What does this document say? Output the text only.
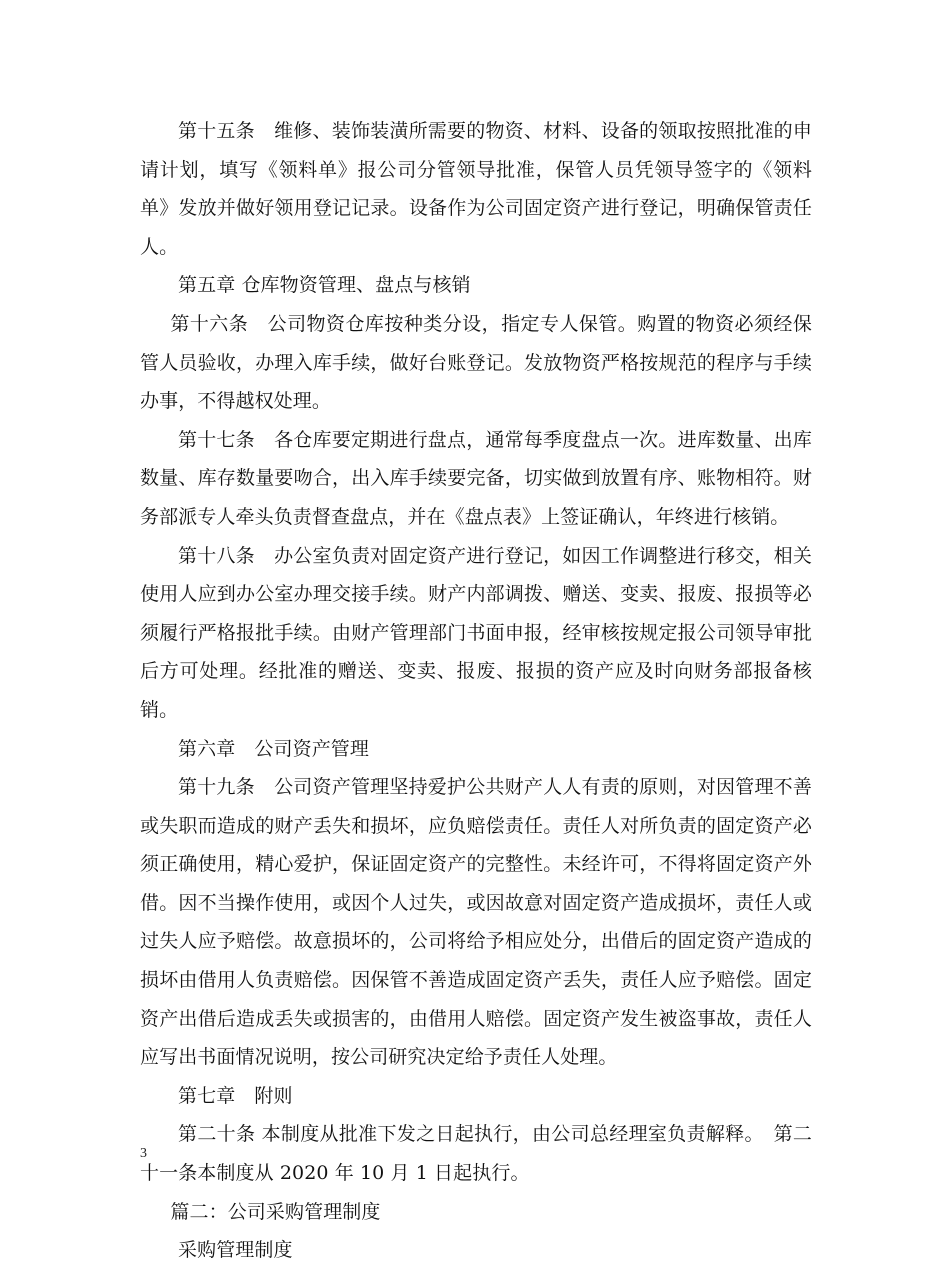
第十五条　维修、装饰装潢所需要的物资、材料、设备的领取按照批准的申请计划，填写《领料单》报公司分管领导批准，保管人员凭领导签字的《领料单》发放并做好领用登记记录。设备作为公司固定资产进行登记，明确保管责任人。

第五章 仓库物资管理、盘点与核销

第十六条　公司物资仓库按种类分设，指定专人保管。购置的物资必须经保管人员验收，办理入库手续，做好台账登记。发放物资严格按规范的程序与手续办事，不得越权处理。

第十七条　各仓库要定期进行盘点，通常每季度盘点一次。进库数量、出库数量、库存数量要吻合，出入库手续要完备，切实做到放置有序、账物相符。财务部派专人牵头负责督查盘点，并在《盘点表》上签证确认，年终进行核销。

第十八条　办公室负责对固定资产进行登记，如因工作调整进行移交，相关使用人应到办公室办理交接手续。财产内部调拨、赠送、变卖、报废、报损等必须履行严格报批手续。由财产管理部门书面申报，经审核按规定报公司领导审批后方可处理。经批准的赠送、变卖、报废、报损的资产应及时向财务部报备核销。

第六章　公司资产管理

第十九条　公司资产管理坚持爱护公共财产人人有责的原则，对因管理不善或失职而造成的财产丢失和损坏，应负赔偿责任。责任人对所负责的固定资产必须正确使用，精心爱护，保证固定资产的完整性。未经许可，不得将固定资产外借。因不当操作使用，或因个人过失，或因故意对固定资产造成损坏，责任人或过失人应予赔偿。故意损坏的，公司将给予相应处分，出借后的固定资产造成的损坏由借用人负责赔偿。因保管不善造成固定资产丢失，责任人应予赔偿。固定资产出借后造成丢失或损害的，由借用人赔偿。固定资产发生被盗事故，责任人应写出书面情况说明，按公司研究决定给予责任人处理。

第七章　附则

第二十条 本制度从批准下发之日起执行，由公司总经理室负责解释。　第二十一条本制度从 2020 年 10 月 1 日起执行。

篇二：公司采购管理制度

采购管理制度

3
